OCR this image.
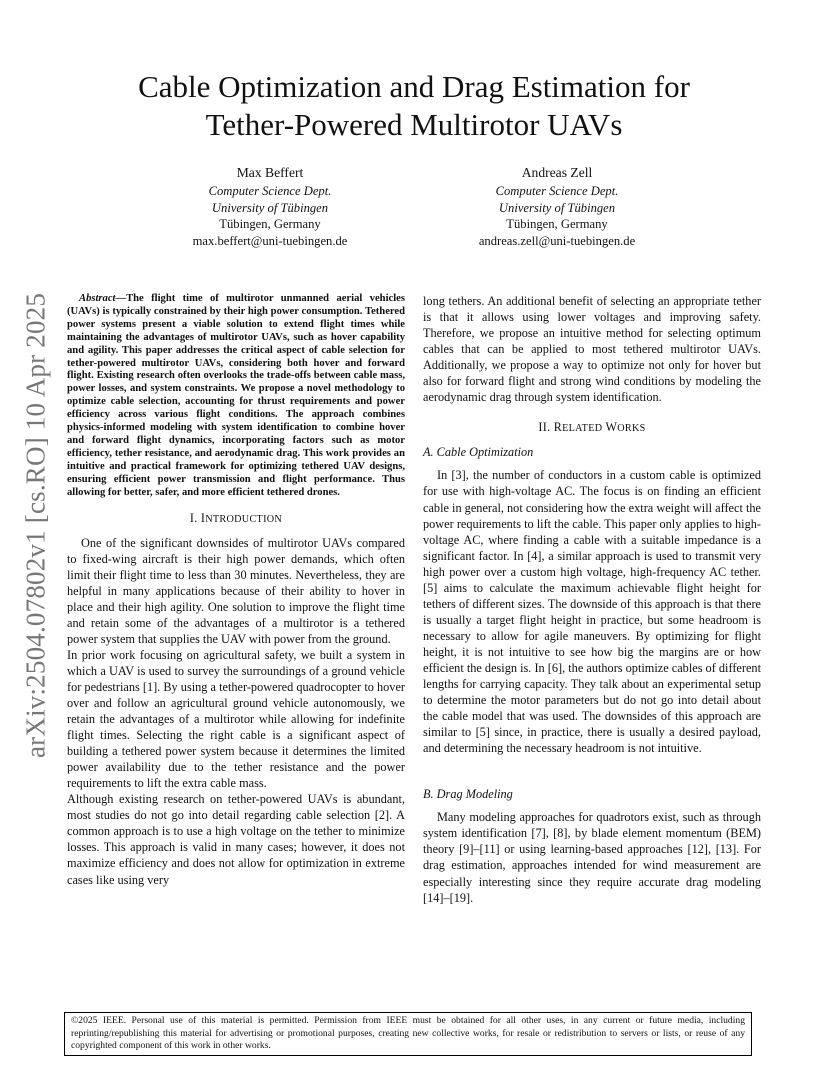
arXiv:2504.07802v1 [cs.RO] 10 Apr 2025
Cable Optimization and Drag Estimation for
Tether-Powered Multirotor UAVs
Max Beffert
Computer Science Dept.
University of Tübingen
Tübingen, Germany
max.beffert@uni-tuebingen.de
Andreas Zell
Computer Science Dept.
University of Tübingen
Tübingen, Germany
andreas.zell@uni-tuebingen.de

Abstract—The flight time of multirotor unmanned aerial vehicles (UAVs) is typically constrained by their high power consumption. Tethered power systems present a viable solution to extend flight times while maintaining the advantages of multirotor UAVs, such as hover capability and agility. This paper addresses the critical aspect of cable selection for tether-powered multirotor UAVs, considering both hover and forward flight. Existing research often overlooks the trade-offs between cable mass, power losses, and system constraints. We propose a novel methodology to optimize cable selection, accounting for thrust requirements and power efficiency across various flight conditions. The approach combines physics-informed modeling with system identification to combine hover and forward flight dynamics, incorporating factors such as motor efficiency, tether resistance, and aerodynamic drag. This work provides an intuitive and practical framework for optimizing tethered UAV designs, ensuring efficient power transmission and flight performance. Thus allowing for better, safer, and more efficient tethered drones.

I. INTRODUCTION

One of the significant downsides of multirotor UAVs compared to fixed-wing aircraft is their high power demands, which often limit their flight time to less than 30 minutes. Nevertheless, they are helpful in many applications because of their ability to hover in place and their high agility. One solution to improve the flight time and retain some of the advantages of a multirotor is a tethered power system that supplies the UAV with power from the ground.

In prior work focusing on agricultural safety, we built a system in which a UAV is used to survey the surroundings of a ground vehicle for pedestrians [1]. By using a tether-powered quadrocopter to hover over and follow an agricultural ground vehicle autonomously, we retain the advantages of a multirotor while allowing for indefinite flight times. Selecting the right cable is a significant aspect of building a tethered power system because it determines the limited power availability due to the tether resistance and the power requirements to lift the extra cable mass.

Although existing research on tether-powered UAVs is abundant, most studies do not go into detail regarding cable selection [2]. A common approach is to use a high voltage on the tether to minimize losses. This approach is valid in many cases; however, it does not maximize efficiency and does not allow for optimization in extreme cases like using very

long tethers. An additional benefit of selecting an appropriate tether is that it allows using lower voltages and improving safety. Therefore, we propose an intuitive method for selecting optimum cables that can be applied to most tethered multirotor UAVs. Additionally, we propose a way to optimize not only for hover but also for forward flight and strong wind conditions by modeling the aerodynamic drag through system identification.

II. RELATED WORKS
A. Cable Optimization

In [3], the number of conductors in a custom cable is optimized for use with high-voltage AC. The focus is on finding an efficient cable in general, not considering how the extra weight will affect the power requirements to lift the cable. This paper only applies to high-voltage AC, where finding a cable with a suitable impedance is a significant factor. In [4], a similar approach is used to transmit very high power over a custom high voltage, high-frequency AC tether. [5] aims to calculate the maximum achievable flight height for tethers of different sizes. The downside of this approach is that there is usually a target flight height in practice, but some headroom is necessary to allow for agile maneuvers. By optimizing for flight height, it is not intuitive to see how big the margins are or how efficient the design is. In [6], the authors optimize cables of different lengths for carrying capacity. They talk about an experimental setup to determine the motor parameters but do not go into detail about the cable model that was used. The downsides of this approach are similar to [5] since, in practice, there is usually a desired payload, and determining the necessary headroom is not intuitive.

B. Drag Modeling

Many modeling approaches for quadrotors exist, such as through system identification [7], [8], by blade element momentum (BEM) theory [9]–[11] or using learning-based approaches [12], [13]. For drag estimation, approaches intended for wind measurement are especially interesting since they require accurate drag modeling [14]–[19].

©2025 IEEE. Personal use of this material is permitted. Permission from IEEE must be obtained for all other uses, in any current or future media, including reprinting/republishing this material for advertising or promotional purposes, creating new collective works, for resale or redistribution to servers or lists, or reuse of any copyrighted component of this work in other works.
